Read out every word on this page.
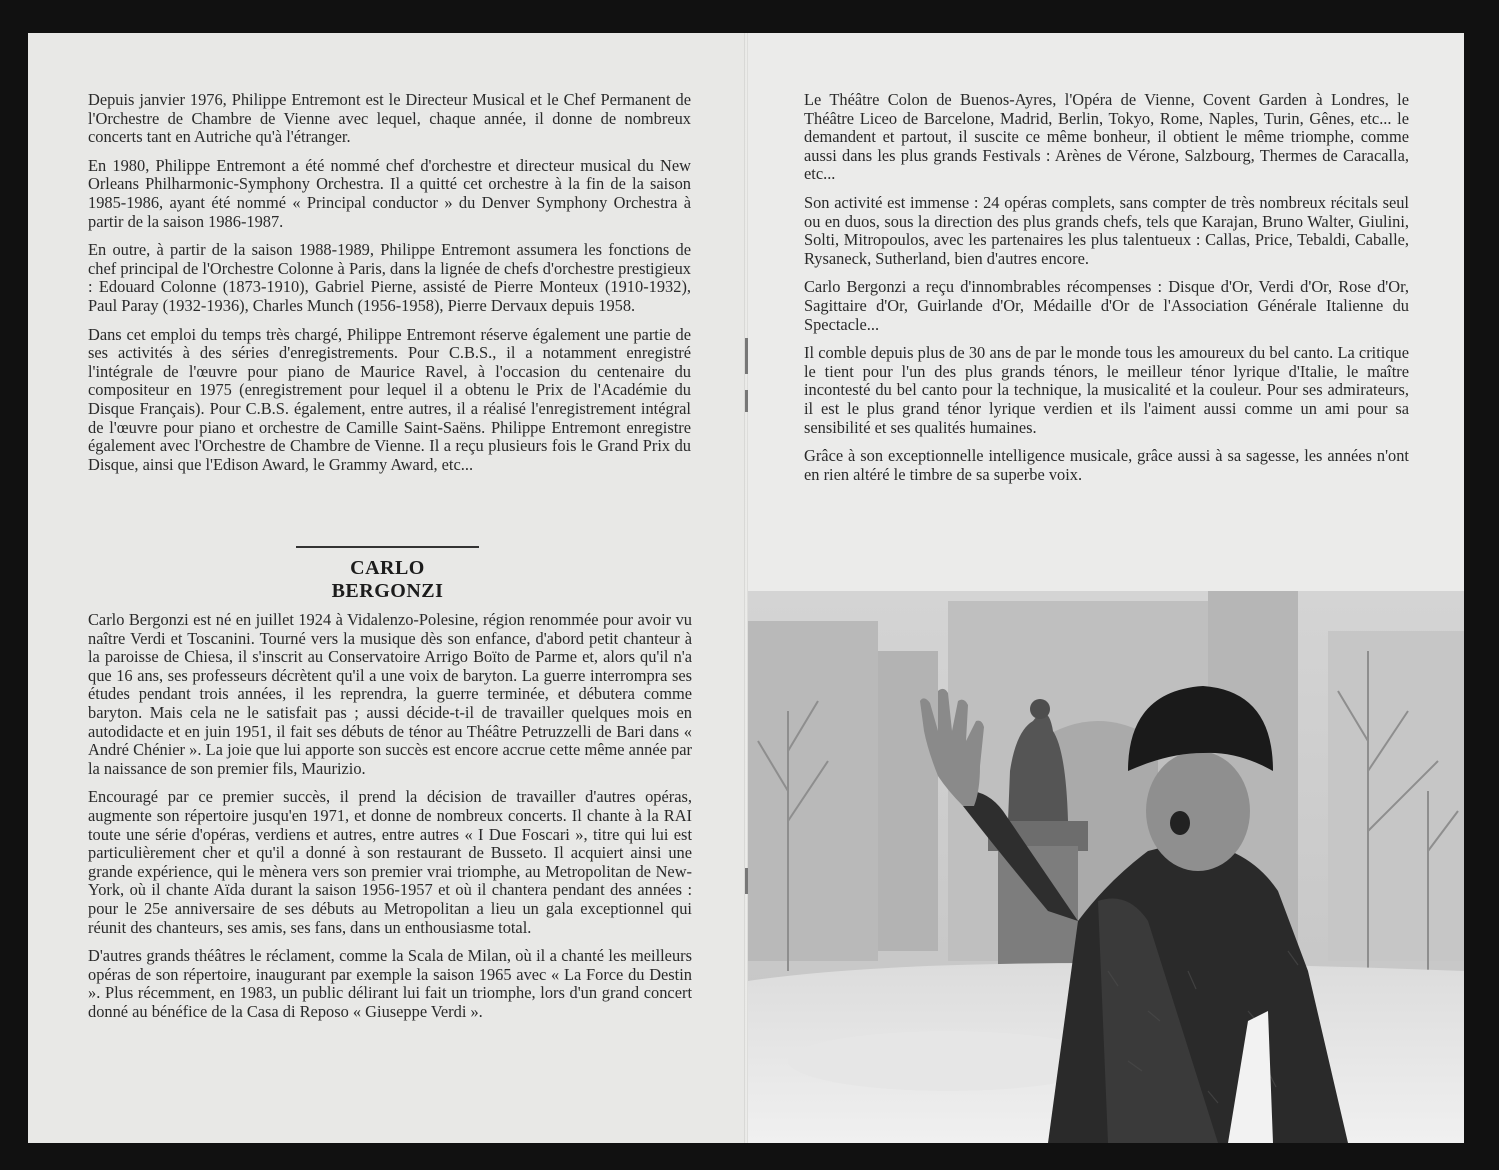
Depuis janvier 1976, Philippe Entremont est le Directeur Musical et le Chef Permanent de l'Orchestre de Chambre de Vienne avec lequel, chaque année, il donne de nombreux concerts tant en Autriche qu'à l'étranger.

En 1980, Philippe Entremont a été nommé chef d'orchestre et directeur musical du New Orleans Philharmonic-Symphony Orchestra. Il a quitté cet orchestre à la fin de la saison 1985-1986, ayant été nommé « Principal conductor » du Denver Symphony Orchestra à partir de la saison 1986-1987.

En outre, à partir de la saison 1988-1989, Philippe Entremont assumera les fonctions de chef principal de l'Orchestre Colonne à Paris, dans la lignée de chefs d'orchestre prestigieux : Edouard Colonne (1873-1910), Gabriel Pierne, assisté de Pierre Monteux (1910-1932), Paul Paray (1932-1936), Charles Munch (1956-1958), Pierre Dervaux depuis 1958.

Dans cet emploi du temps très chargé, Philippe Entremont réserve également une partie de ses activités à des séries d'enregistrements. Pour C.B.S., il a notamment enregistré l'intégrale de l'œuvre pour piano de Maurice Ravel, à l'occasion du centenaire du compositeur en 1975 (enregistrement pour lequel il a obtenu le Prix de l'Académie du Disque Français). Pour C.B.S. également, entre autres, il a réalisé l'enregistrement intégral de l'œuvre pour piano et orchestre de Camille Saint-Saëns. Philippe Entremont enregistre également avec l'Orchestre de Chambre de Vienne. Il a reçu plusieurs fois le Grand Prix du Disque, ainsi que l'Edison Award, le Grammy Award, etc...

CARLO BERGONZI

Carlo Bergonzi est né en juillet 1924 à Vidalenzo-Polesine, région renommée pour avoir vu naître Verdi et Toscanini. Tourné vers la musique dès son enfance, d'abord petit chanteur à la paroisse de Chiesa, il s'inscrit au Conservatoire Arrigo Boïto de Parme et, alors qu'il n'a que 16 ans, ses professeurs décrètent qu'il a une voix de baryton. La guerre interrompra ses études pendant trois années, il les reprendra, la guerre terminée, et débutera comme baryton. Mais cela ne le satisfait pas ; aussi décide-t-il de travailler quelques mois en autodidacte et en juin 1951, il fait ses débuts de ténor au Théâtre Petruzzelli de Bari dans « André Chénier ». La joie que lui apporte son succès est encore accrue cette même année par la naissance de son premier fils, Maurizio.

Encouragé par ce premier succès, il prend la décision de travailler d'autres opéras, augmente son répertoire jusqu'en 1971, et donne de nombreux concerts. Il chante à la RAI toute une série d'opéras, verdiens et autres, entre autres « I Due Foscari », titre qui lui est particulièrement cher et qu'il a donné à son restaurant de Busseto. Il acquiert ainsi une grande expérience, qui le mènera vers son premier vrai triomphe, au Metropolitan de New-York, où il chante Aïda durant la saison 1956-1957 et où il chantera pendant des années : pour le 25e anniversaire de ses débuts au Metropolitan a lieu un gala exceptionnel qui réunit des chanteurs, ses amis, ses fans, dans un enthousiasme total.

D'autres grands théâtres le réclament, comme la Scala de Milan, où il a chanté les meilleurs opéras de son répertoire, inaugurant par exemple la saison 1965 avec « La Force du Destin ». Plus récemment, en 1983, un public délirant lui fait un triomphe, lors d'un grand concert donné au bénéfice de la Casa di Reposo « Giuseppe Verdi ».

Le Théâtre Colon de Buenos-Ayres, l'Opéra de Vienne, Covent Garden à Londres, le Théâtre Liceo de Barcelone, Madrid, Berlin, Tokyo, Rome, Naples, Turin, Gênes, etc... le demandent et partout, il suscite ce même bonheur, il obtient le même triomphe, comme aussi dans les plus grands Festivals : Arènes de Vérone, Salzbourg, Thermes de Caracalla, etc...

Son activité est immense : 24 opéras complets, sans compter de très nombreux récitals seul ou en duos, sous la direction des plus grands chefs, tels que Karajan, Bruno Walter, Giulini, Solti, Mitropoulos, avec les partenaires les plus talentueux : Callas, Price, Tebaldi, Caballe, Rysaneck, Sutherland, bien d'autres encore.

Carlo Bergonzi a reçu d'innombrables récompenses : Disque d'Or, Verdi d'Or, Rose d'Or, Sagittaire d'Or, Guirlande d'Or, Médaille d'Or de l'Association Générale Italienne du Spectacle...

Il comble depuis plus de 30 ans de par le monde tous les amoureux du bel canto. La critique le tient pour l'un des plus grands ténors, le meilleur ténor lyrique d'Italie, le maître incontesté du bel canto pour la technique, la musicalité et la couleur. Pour ses admirateurs, il est le plus grand ténor lyrique verdien et ils l'aiment aussi comme un ami pour sa sensibilité et ses qualités humaines.

Grâce à son exceptionnelle intelligence musicale, grâce aussi à sa sagesse, les années n'ont en rien altéré le timbre de sa superbe voix.
